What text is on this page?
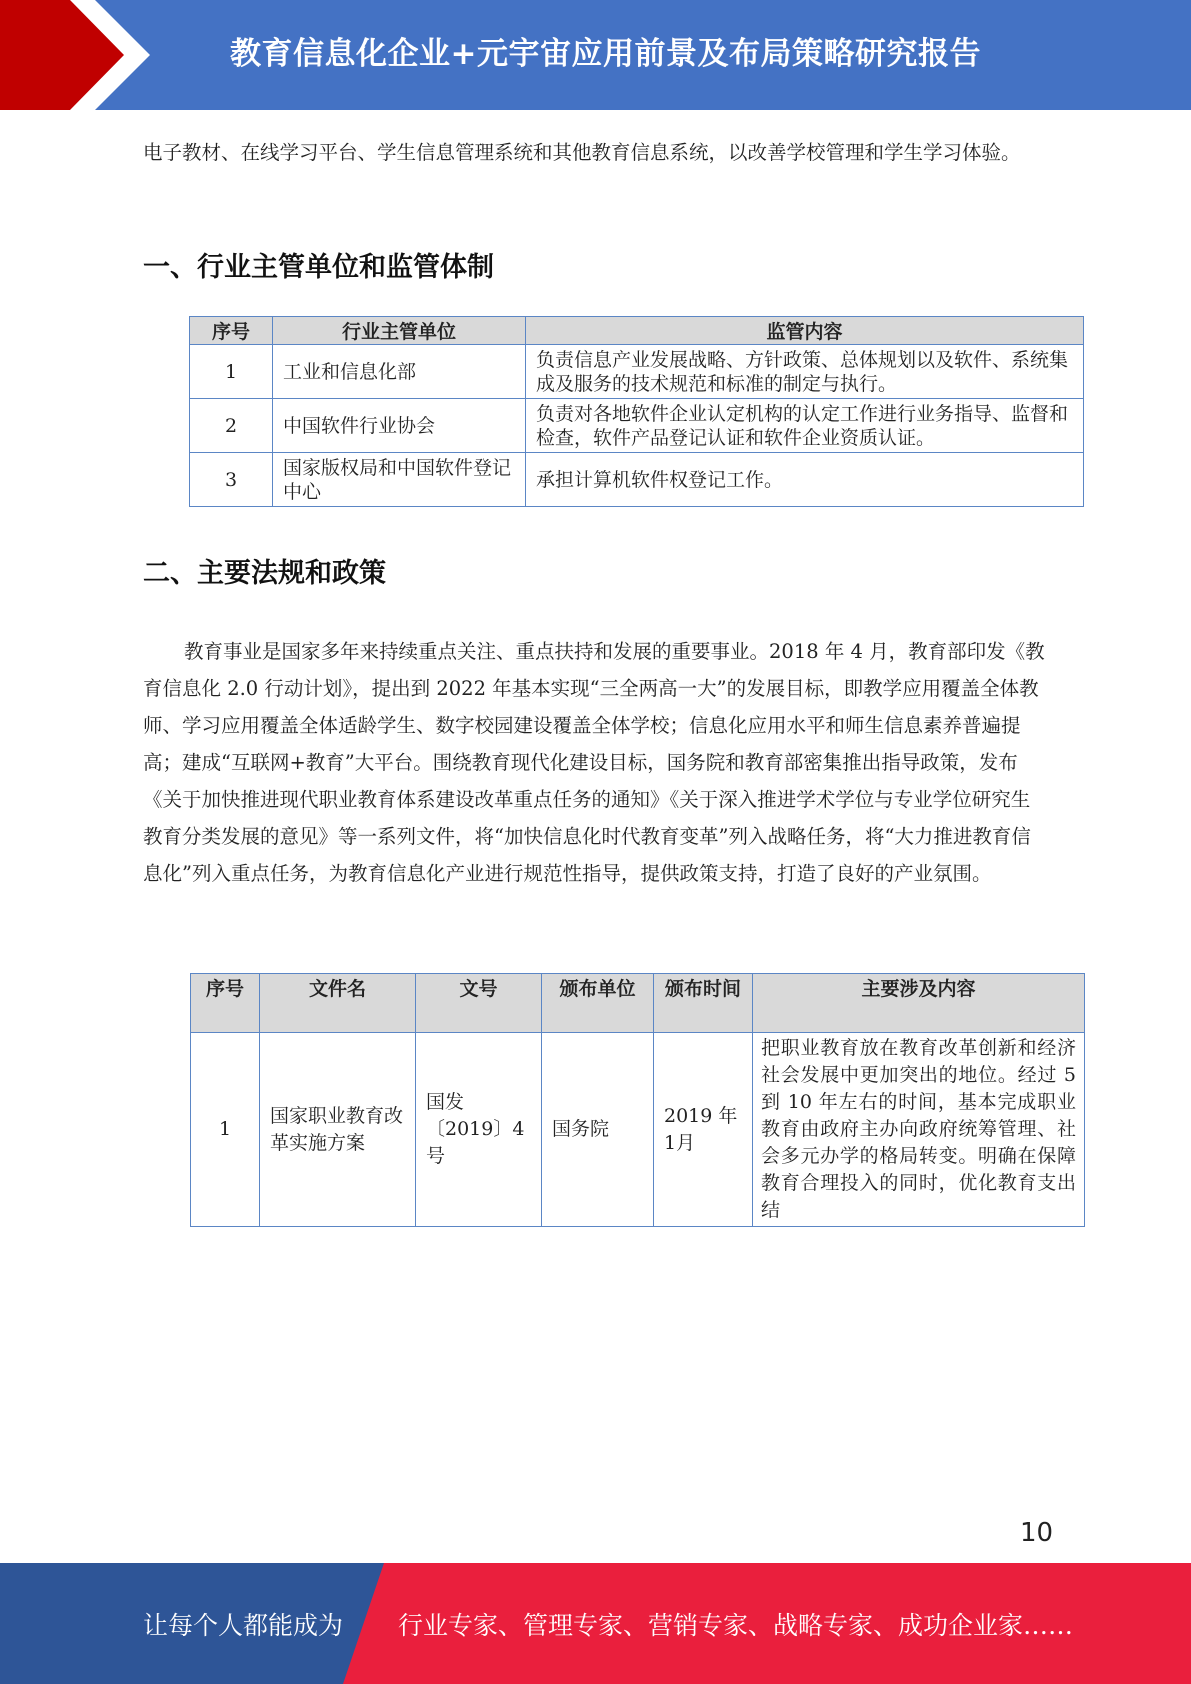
教育信息化企业+元宇宙应用前景及布局策略研究报告

电子教材、在线学习平台、学生信息管理系统和其他教育信息系统，以改善学校管理和学生学习体验。

一、行业主管单位和监管体制
序号	行业主管单位	监管内容
1	工业和信息化部	负责信息产业发展战略、方针政策、总体规划以及软件、系统集成及服务的技术规范和标准的制定与执行。
2	中国软件行业协会	负责对各地软件企业认定机构的认定工作进行业务指导、监督和检查，软件产品登记认证和软件企业资质认证。
3	国家版权局和中国软件登记中心	承担计算机软件权登记工作。
二、主要法规和政策

教育事业是国家多年来持续重点关注、重点扶持和发展的重要事业。2018 年 4 月，教育部印发《教育信息化 2.0 行动计划》，提出到 2022 年基本实现“三全两高一大”的发展目标，即教学应用覆盖全体教师、学习应用覆盖全体适龄学生、数字校园建设覆盖全体学校；信息化应用水平和师生信息素养普遍提高；建成“互联网+教育”大平台。围绕教育现代化建设目标，国务院和教育部密集推出指导政策，发布《关于加快推进现代职业教育体系建设改革重点任务的通知》《关于深入推进学术学位与专业学位研究生教育分类发展的意见》等一系列文件，将“加快信息化时代教育变革”列入战略任务，将“大力推进教育信息化”列入重点任务，为教育信息化产业进行规范性指导，提供政策支持，打造了良好的产业氛围。

序号	文件名	文号	颁布单位	颁布时间	主要涉及内容
1	国家职业教育改革实施方案	国发〔2019〕4号	国务院	2019 年 1月	把职业教育放在教育改革创新和经济社会发展中更加突出的地位。经过 5 到 10 年左右的时间，基本完成职业教育由政府主办向政府统筹管理、社会多元办学的格局转变。明确在保障教育合理投入的同时，优化教育支出结
10
让每个人都能成为 行业专家、管理专家、营销专家、战略专家、成功企业家……
